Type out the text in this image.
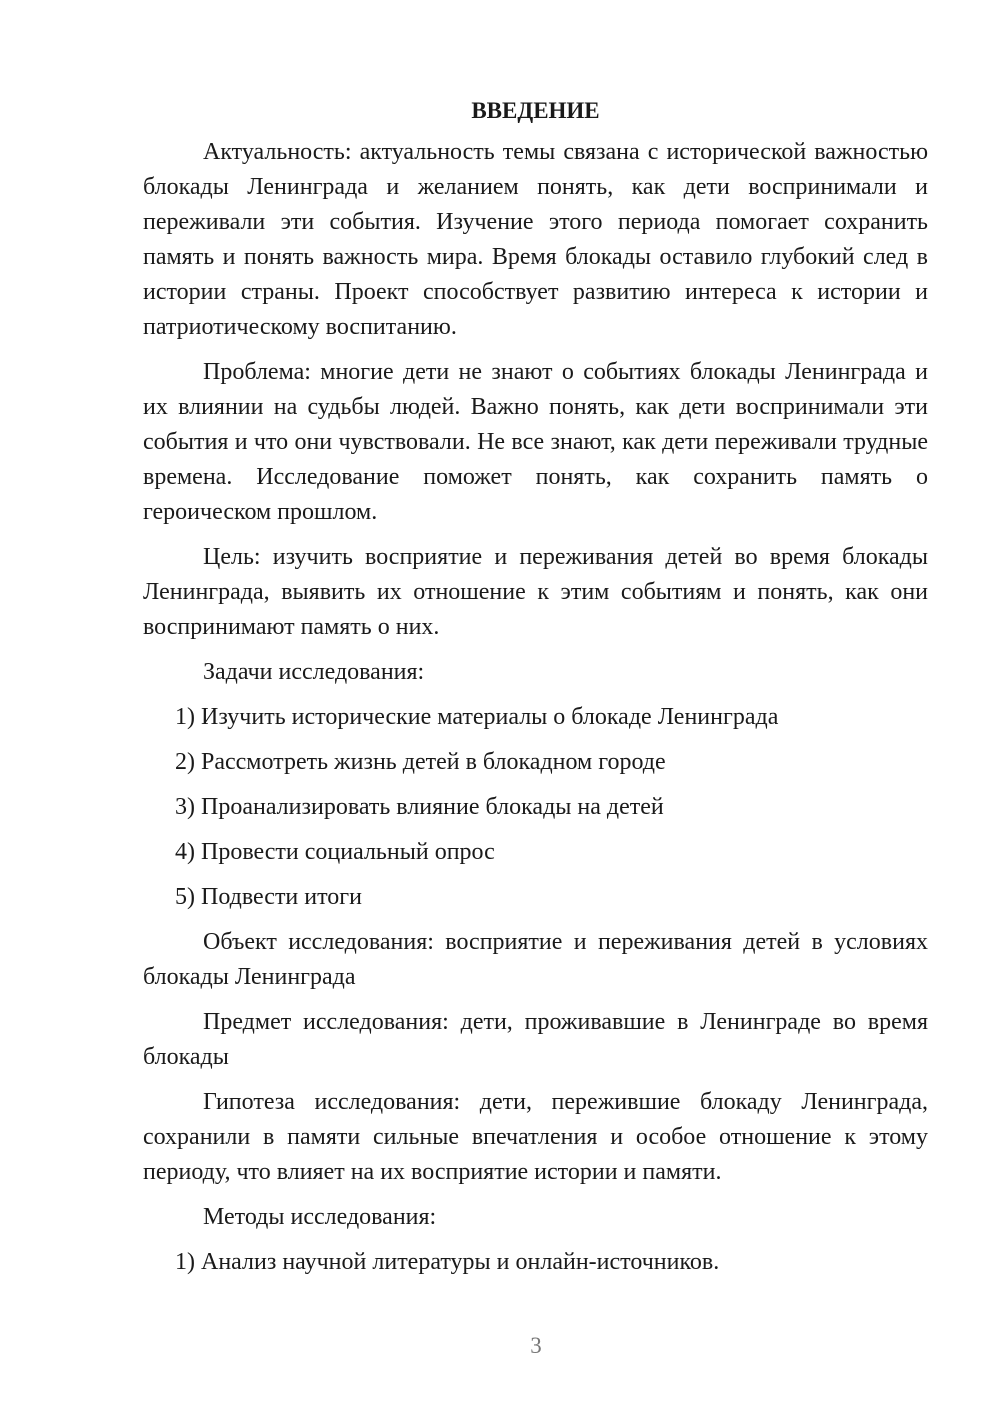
ВВЕДЕНИЕ

Актуальность: актуальность темы связана с исторической важностью блокады Ленинграда и желанием понять, как дети воспринимали и переживали эти события. Изучение этого периода помогает сохранить память и понять важность мира. Время блокады оставило глубокий след в истории страны. Проект способствует развитию интереса к истории и патриотическому воспитанию.

Проблема: многие дети не знают о событиях блокады Ленинграда и их влиянии на судьбы людей. Важно понять, как дети воспринимали эти события и что они чувствовали. Не все знают, как дети переживали трудные времена. Исследование поможет понять, как сохранить память о героическом прошлом.

Цель: изучить восприятие и переживания детей во время блокады Ленинграда, выявить их отношение к этим событиям и понять, как они воспринимают память о них.

Задачи исследования:

1) Изучить исторические материалы о блокаде Ленинграда

2) Рассмотреть жизнь детей в блокадном городе

3) Проанализировать влияние блокады на детей

4) Провести социальный опрос

5) Подвести итоги

Объект исследования: восприятие и переживания детей в условиях блокады Ленинграда

Предмет исследования: дети, проживавшие в Ленинграде во время блокады

Гипотеза исследования: дети, пережившие блокаду Ленинграда, сохранили в памяти сильные впечатления и особое отношение к этому периоду, что влияет на их восприятие истории и памяти.

Методы исследования:

1) Анализ научной литературы и онлайн-источников.

3
